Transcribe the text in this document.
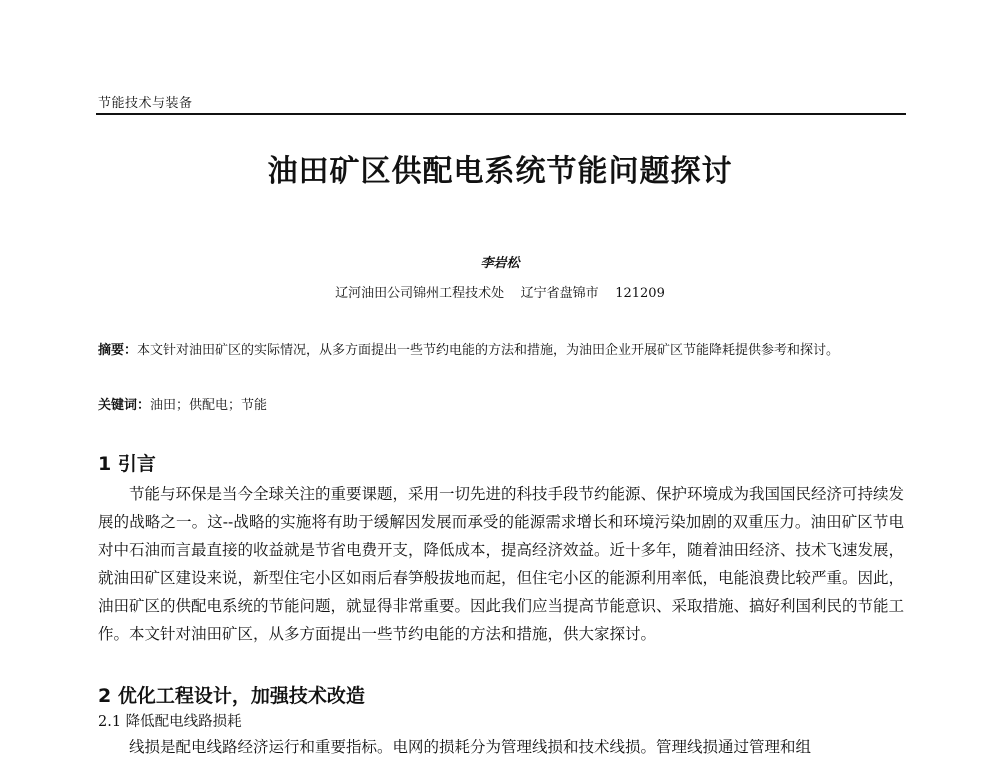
节能技术与装备
油田矿区供配电系统节能问题探讨
李岩松
辽河油田公司锦州工程技术处    辽宁省盘锦市    121209
摘要：本文针对油田矿区的实际情况，从多方面提出一些节约电能的方法和措施，为油田企业开展矿区节能降耗提供参考和探讨。
关键词：油田；供配电；节能
1 引言
节能与环保是当今全球关注的重要课题，采用一切先进的科技手段节约能源、保护环境成为我国国民经济可持续发展的战略之一。这--战略的实施将有助于缓解因发展而承受的能源需求增长和环境污染加剧的双重压力。油田矿区节电对中石油而言最直接的收益就是节省电费开支，降低成本，提高经济效益。近十多年，随着油田经济、技术飞速发展，就油田矿区建设来说，新型住宅小区如雨后春笋般拔地而起，但住宅小区的能源利用率低，电能浪费比较严重。因此，油田矿区的供配电系统的节能问题，就显得非常重要。因此我们应当提高节能意识、采取措施、搞好利国利民的节能工作。本文针对油田矿区，从多方面提出一些节约电能的方法和措施，供大家探讨。
2 优化工程设计，加强技术改造
2.1 降低配电线路损耗
线损是配电线路经济运行和重要指标。电网的损耗分为管理线损和技术线损。管理线损通过管理和组
